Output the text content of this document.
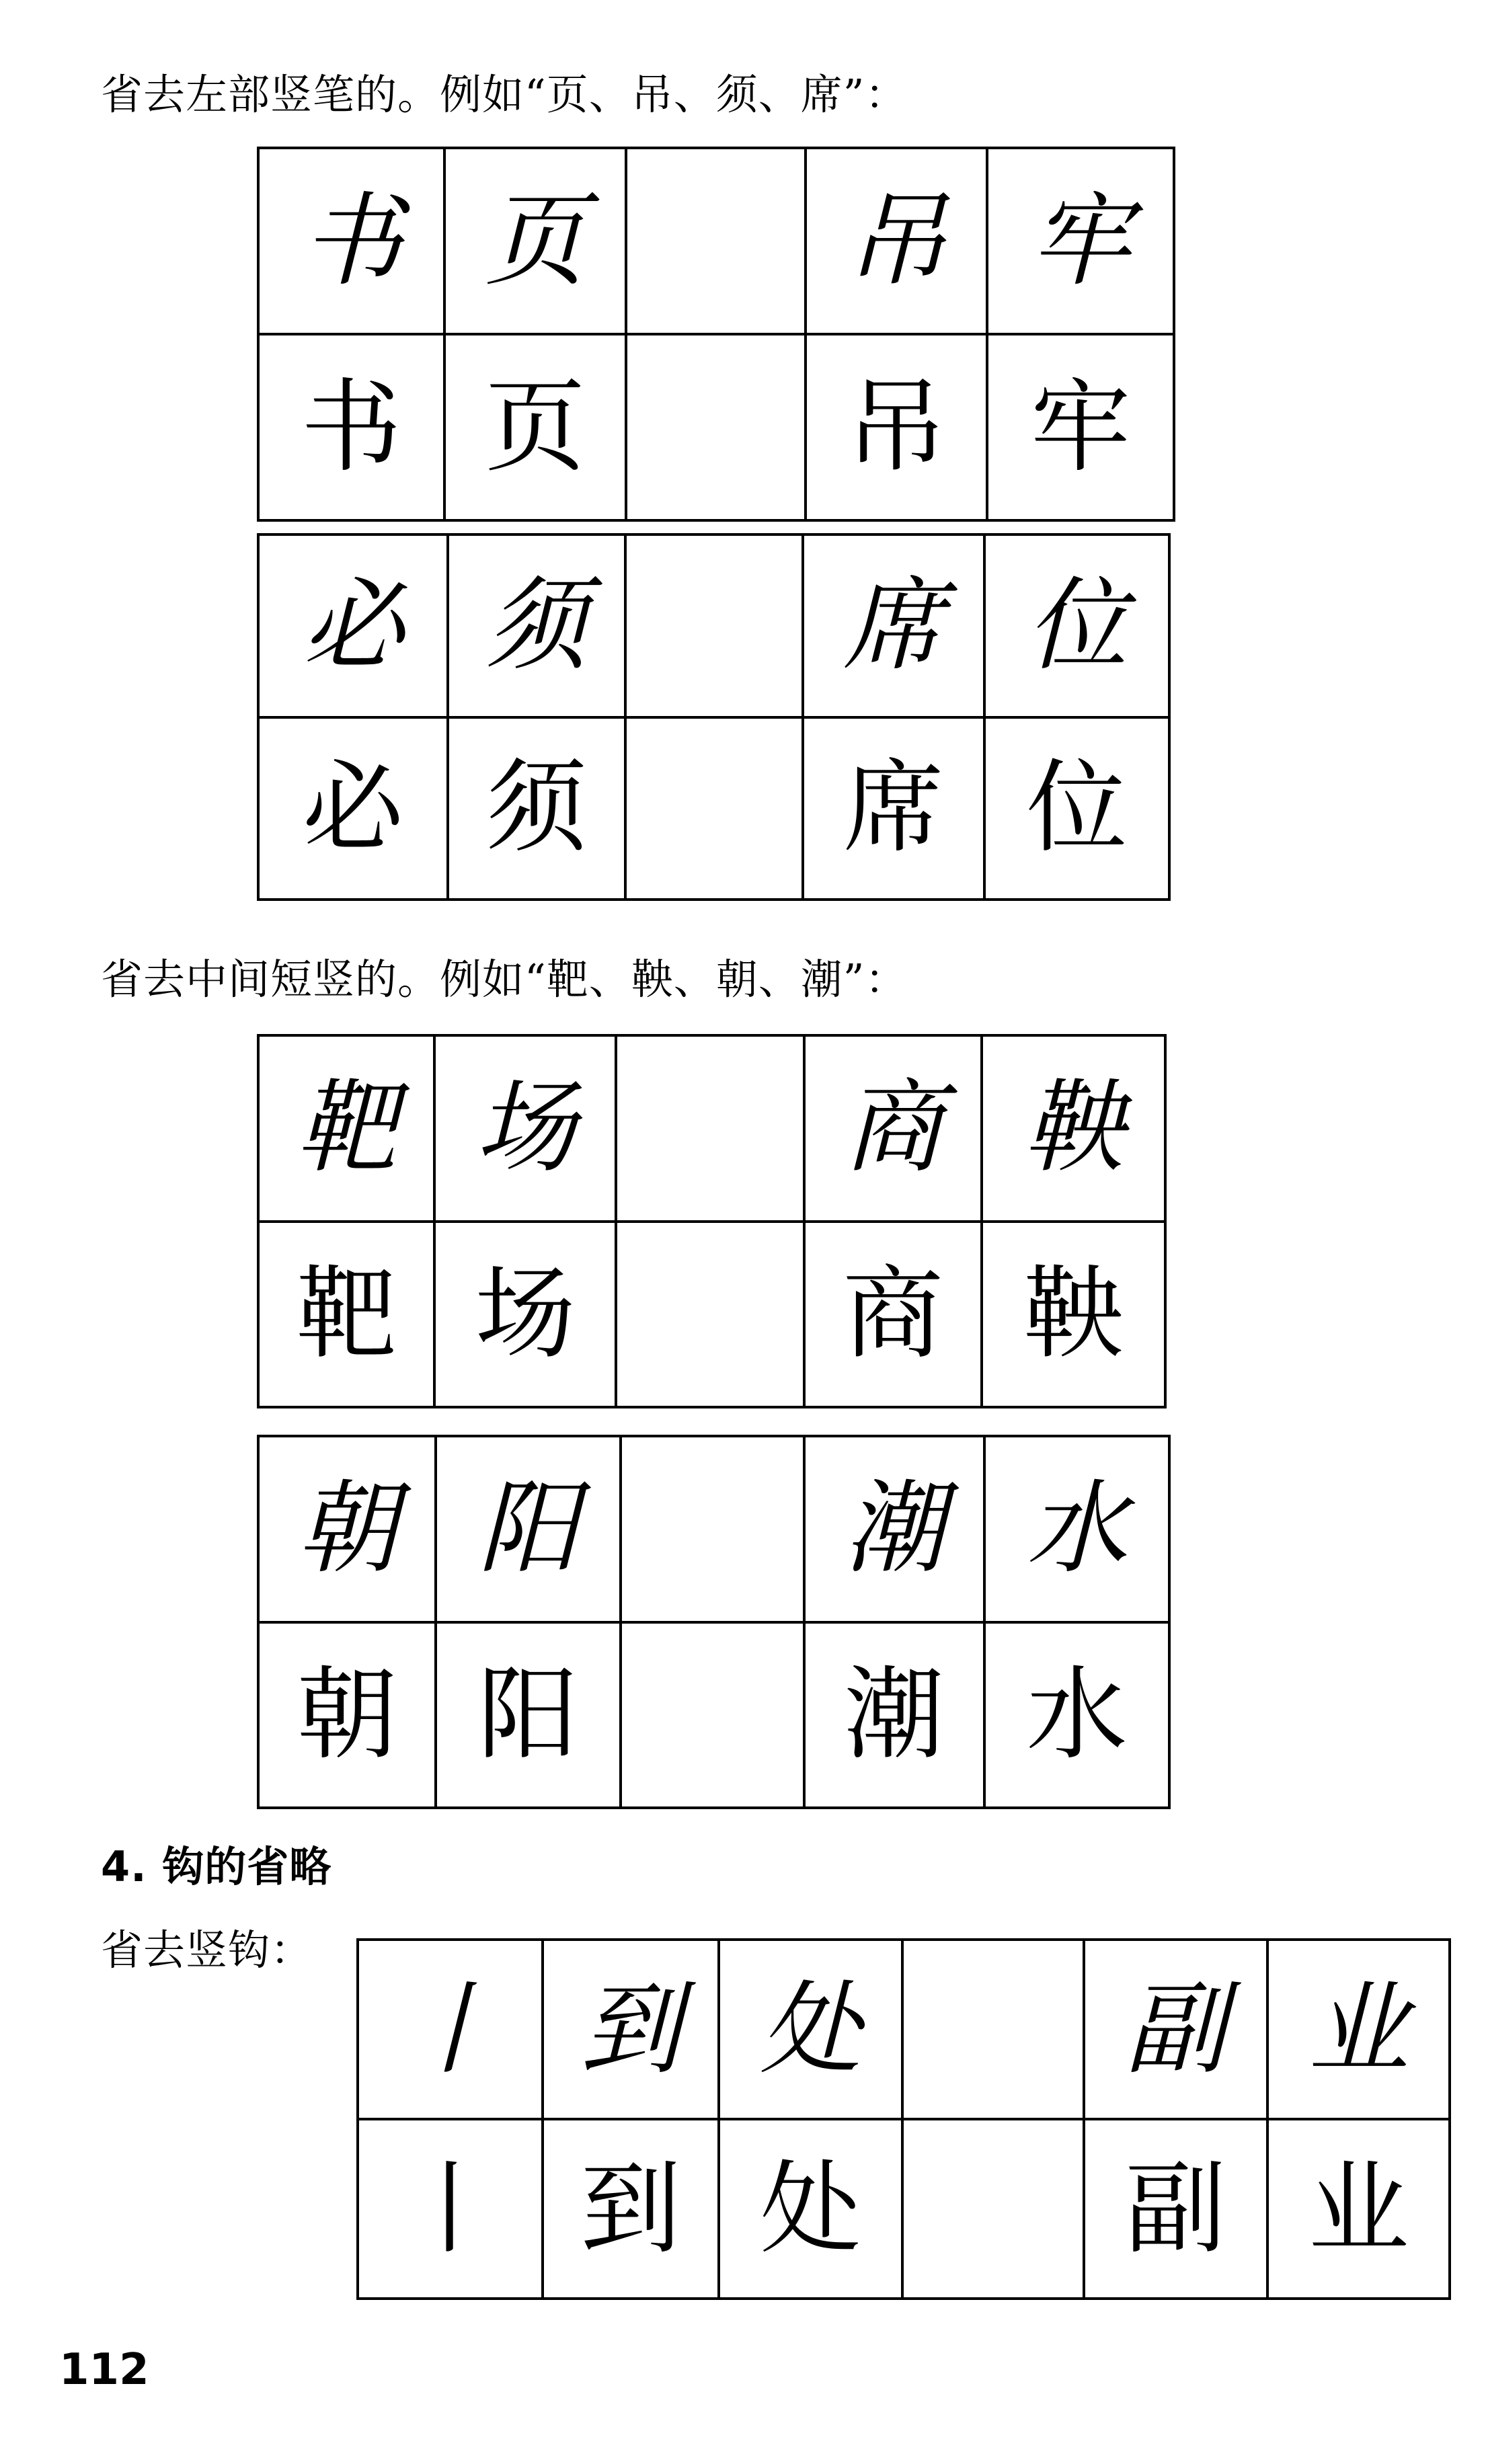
省去左部竖笔的。例如“页、吊、须、席”：
书	页		吊	牢
书	页		吊	牢
必	须		席	位
必	须		席	位
省去中间短竖的。例如“靶、鞅、朝、潮”：
靶	场		商	鞅
靶	场		商	鞅
朝	阳		潮	水
朝	阳		潮	水
4. 钩的省略
省去竖钩：
丨	到	处		副	业
丨	到	处		副	业
112
